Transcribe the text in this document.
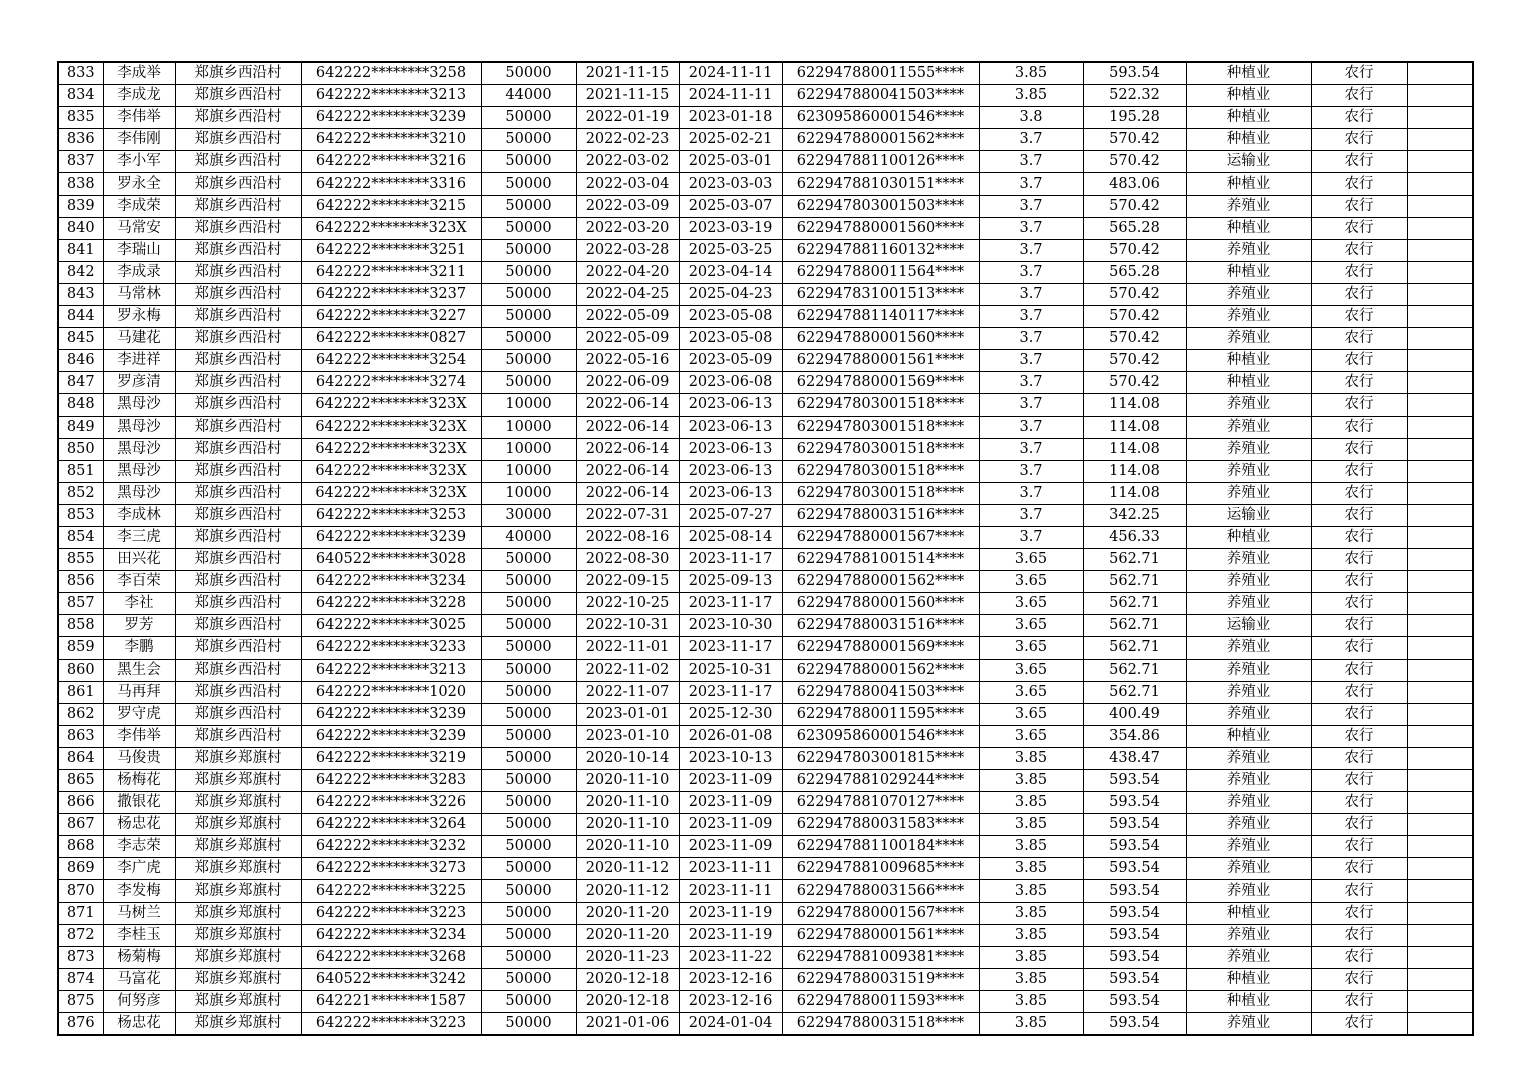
833	李成举	郑旗乡西沿村	642222********3258	50000	2021-11-15	2024-11-11	622947880011555****	3.85	593.54	种植业	农行	
834	李成龙	郑旗乡西沿村	642222********3213	44000	2021-11-15	2024-11-11	622947880041503****	3.85	522.32	种植业	农行	
835	李伟举	郑旗乡西沿村	642222********3239	50000	2022-01-19	2023-01-18	623095860001546****	3.8	195.28	种植业	农行	
836	李伟刚	郑旗乡西沿村	642222********3210	50000	2022-02-23	2025-02-21	622947880001562****	3.7	570.42	种植业	农行	
837	李小军	郑旗乡西沿村	642222********3216	50000	2022-03-02	2025-03-01	622947881100126****	3.7	570.42	运输业	农行	
838	罗永全	郑旗乡西沿村	642222********3316	50000	2022-03-04	2023-03-03	622947881030151****	3.7	483.06	种植业	农行	
839	李成荣	郑旗乡西沿村	642222********3215	50000	2022-03-09	2025-03-07	622947803001503****	3.7	570.42	养殖业	农行	
840	马常安	郑旗乡西沿村	642222********323X	50000	2022-03-20	2023-03-19	622947880001560****	3.7	565.28	种植业	农行	
841	李瑞山	郑旗乡西沿村	642222********3251	50000	2022-03-28	2025-03-25	622947881160132****	3.7	570.42	养殖业	农行	
842	李成录	郑旗乡西沿村	642222********3211	50000	2022-04-20	2023-04-14	622947880011564****	3.7	565.28	种植业	农行	
843	马常林	郑旗乡西沿村	642222********3237	50000	2022-04-25	2025-04-23	622947831001513****	3.7	570.42	养殖业	农行	
844	罗永梅	郑旗乡西沿村	642222********3227	50000	2022-05-09	2023-05-08	622947881140117****	3.7	570.42	养殖业	农行	
845	马建花	郑旗乡西沿村	642222********0827	50000	2022-05-09	2023-05-08	622947880001560****	3.7	570.42	养殖业	农行	
846	李进祥	郑旗乡西沿村	642222********3254	50000	2022-05-16	2023-05-09	622947880001561****	3.7	570.42	种植业	农行	
847	罗彦清	郑旗乡西沿村	642222********3274	50000	2022-06-09	2023-06-08	622947880001569****	3.7	570.42	种植业	农行	
848	黑母沙	郑旗乡西沿村	642222********323X	10000	2022-06-14	2023-06-13	622947803001518****	3.7	114.08	养殖业	农行	
849	黑母沙	郑旗乡西沿村	642222********323X	10000	2022-06-14	2023-06-13	622947803001518****	3.7	114.08	养殖业	农行	
850	黑母沙	郑旗乡西沿村	642222********323X	10000	2022-06-14	2023-06-13	622947803001518****	3.7	114.08	养殖业	农行	
851	黑母沙	郑旗乡西沿村	642222********323X	10000	2022-06-14	2023-06-13	622947803001518****	3.7	114.08	养殖业	农行	
852	黑母沙	郑旗乡西沿村	642222********323X	10000	2022-06-14	2023-06-13	622947803001518****	3.7	114.08	养殖业	农行	
853	李成林	郑旗乡西沿村	642222********3253	30000	2022-07-31	2025-07-27	622947880031516****	3.7	342.25	运输业	农行	
854	李三虎	郑旗乡西沿村	642222********3239	40000	2022-08-16	2025-08-14	622947880001567****	3.7	456.33	种植业	农行	
855	田兴花	郑旗乡西沿村	640522********3028	50000	2022-08-30	2023-11-17	622947881001514****	3.65	562.71	养殖业	农行	
856	李百荣	郑旗乡西沿村	642222********3234	50000	2022-09-15	2025-09-13	622947880001562****	3.65	562.71	养殖业	农行	
857	李社	郑旗乡西沿村	642222********3228	50000	2022-10-25	2023-11-17	622947880001560****	3.65	562.71	养殖业	农行	
858	罗芳	郑旗乡西沿村	642222********3025	50000	2022-10-31	2023-10-30	622947880031516****	3.65	562.71	运输业	农行	
859	李鹏	郑旗乡西沿村	642222********3233	50000	2022-11-01	2023-11-17	622947880001569****	3.65	562.71	养殖业	农行	
860	黑生会	郑旗乡西沿村	642222********3213	50000	2022-11-02	2025-10-31	622947880001562****	3.65	562.71	养殖业	农行	
861	马再拜	郑旗乡西沿村	642222********1020	50000	2022-11-07	2023-11-17	622947880041503****	3.65	562.71	养殖业	农行	
862	罗守虎	郑旗乡西沿村	642222********3239	50000	2023-01-01	2025-12-30	622947880011595****	3.65	400.49	养殖业	农行	
863	李伟举	郑旗乡西沿村	642222********3239	50000	2023-01-10	2026-01-08	623095860001546****	3.65	354.86	种植业	农行	
864	马俊贵	郑旗乡郑旗村	642222********3219	50000	2020-10-14	2023-10-13	622947803001815****	3.85	438.47	养殖业	农行	
865	杨梅花	郑旗乡郑旗村	642222********3283	50000	2020-11-10	2023-11-09	622947881029244****	3.85	593.54	养殖业	农行	
866	撒银花	郑旗乡郑旗村	642222********3226	50000	2020-11-10	2023-11-09	622947881070127****	3.85	593.54	养殖业	农行	
867	杨忠花	郑旗乡郑旗村	642222********3264	50000	2020-11-10	2023-11-09	622947880031583****	3.85	593.54	养殖业	农行	
868	李志荣	郑旗乡郑旗村	642222********3232	50000	2020-11-10	2023-11-09	622947881100184****	3.85	593.54	养殖业	农行	
869	李广虎	郑旗乡郑旗村	642222********3273	50000	2020-11-12	2023-11-11	622947881009685****	3.85	593.54	养殖业	农行	
870	李发梅	郑旗乡郑旗村	642222********3225	50000	2020-11-12	2023-11-11	622947880031566****	3.85	593.54	养殖业	农行	
871	马树兰	郑旗乡郑旗村	642222********3223	50000	2020-11-20	2023-11-19	622947880001567****	3.85	593.54	种植业	农行	
872	李桂玉	郑旗乡郑旗村	642222********3234	50000	2020-11-20	2023-11-19	622947880001561****	3.85	593.54	养殖业	农行	
873	杨菊梅	郑旗乡郑旗村	642222********3268	50000	2020-11-23	2023-11-22	622947881009381****	3.85	593.54	养殖业	农行	
874	马富花	郑旗乡郑旗村	640522********3242	50000	2020-12-18	2023-12-16	622947880031519****	3.85	593.54	种植业	农行	
875	何努彦	郑旗乡郑旗村	642221********1587	50000	2020-12-18	2023-12-16	622947880011593****	3.85	593.54	种植业	农行	
876	杨忠花	郑旗乡郑旗村	642222********3223	50000	2021-01-06	2024-01-04	622947880031518****	3.85	593.54	养殖业	农行	
